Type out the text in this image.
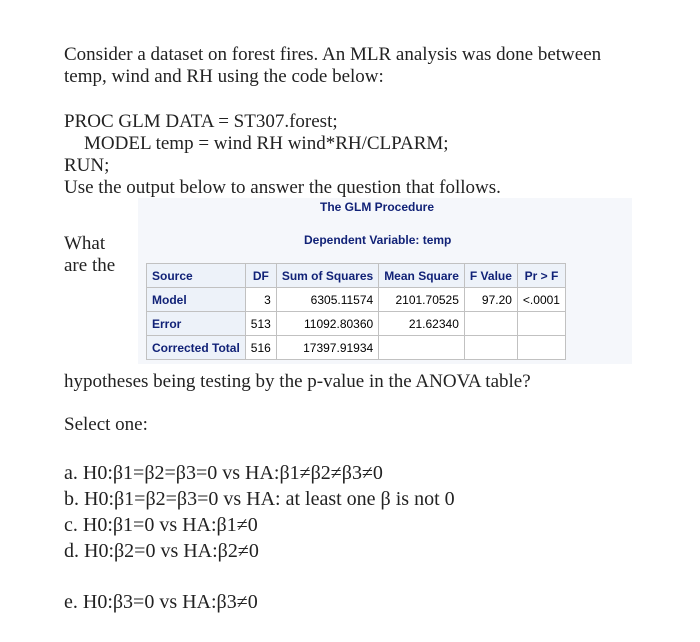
Consider a dataset on forest fires. An MLR analysis was done between
temp, wind and RH using the code below:
PROC GLM DATA = ST307.forest;
MODEL temp = wind RH wind*RH/CLPARM;
RUN;
Use the output below to answer the question that follows.
The GLM Procedure
Dependent Variable: temp
What
are the	Source	DF	Sum of Squares	Mean Square	F Value	Pr > F
Model	3	6305.11574	2101.70525	97.20	<.0001
Error	513	11092.80360	21.62340		
Corrected Total	516	17397.91934			
hypotheses being testing by the p-value in the ANOVA table?
Select one:
a. H0:β1=β2=β3=0 vs HA:β1≠β2≠β3≠0
b. H0:β1=β2=β3=0 vs HA: at least one β is not 0
c. H0:β1=0 vs HA:β1≠0
d. H0:β2=0 vs HA:β2≠0
e. H0:β3=0 vs HA:β3≠0
